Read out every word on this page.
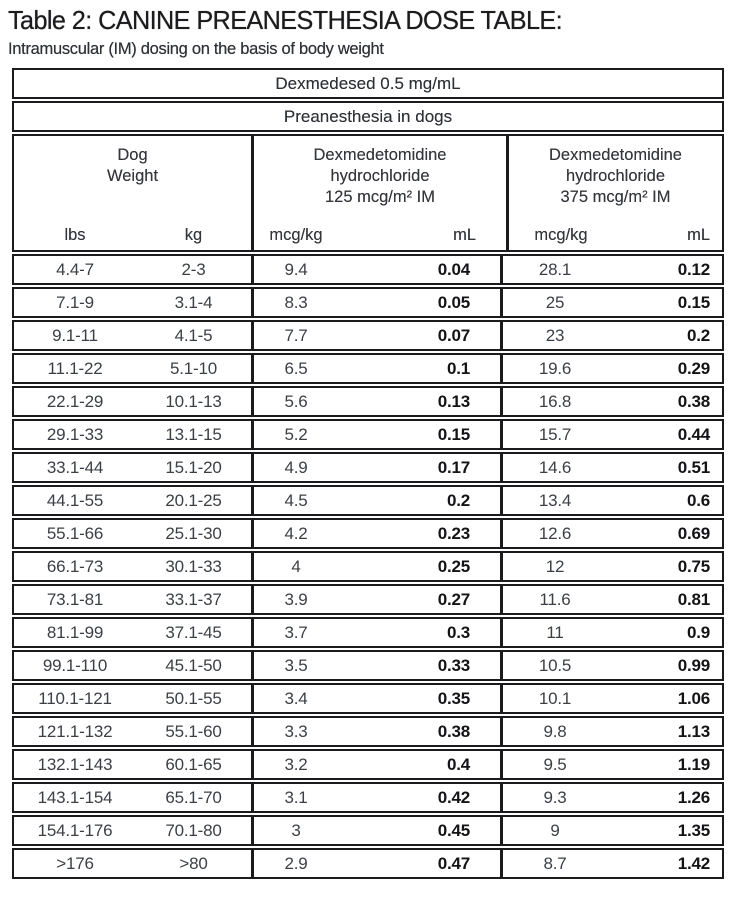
Table 2: CANINE PREANESTHESIA DOSE TABLE:

Intramuscular (IM) dosing on the basis of body weight

Dexmedesed 0.5 mg/mL
Preanesthesia in dogs
Dog
Weight
lbs	kg
Dexmedetomidine
hydrochloride
125 mcg/m² IM
mcg/kg	mL
Dexmedetomidine
hydrochloride
375 mcg/m² IM
mcg/kg	mL
4.4-7	2-3	9.4	0.04	28.1	0.12
7.1-9	3.1-4	8.3	0.05	25	0.15
9.1-11	4.1-5	7.7	0.07	23	0.2
11.1-22	5.1-10	6.5	0.1	19.6	0.29
22.1-29	10.1-13	5.6	0.13	16.8	0.38
29.1-33	13.1-15	5.2	0.15	15.7	0.44
33.1-44	15.1-20	4.9	0.17	14.6	0.51
44.1-55	20.1-25	4.5	0.2	13.4	0.6
55.1-66	25.1-30	4.2	0.23	12.6	0.69
66.1-73	30.1-33	4	0.25	12	0.75
73.1-81	33.1-37	3.9	0.27	11.6	0.81
81.1-99	37.1-45	3.7	0.3	11	0.9
99.1-110	45.1-50	3.5	0.33	10.5	0.99
110.1-121	50.1-55	3.4	0.35	10.1	1.06
121.1-132	55.1-60	3.3	0.38	9.8	1.13
132.1-143	60.1-65	3.2	0.4	9.5	1.19
143.1-154	65.1-70	3.1	0.42	9.3	1.26
154.1-176	70.1-80	3	0.45	9	1.35
>176	>80	2.9	0.47	8.7	1.42
